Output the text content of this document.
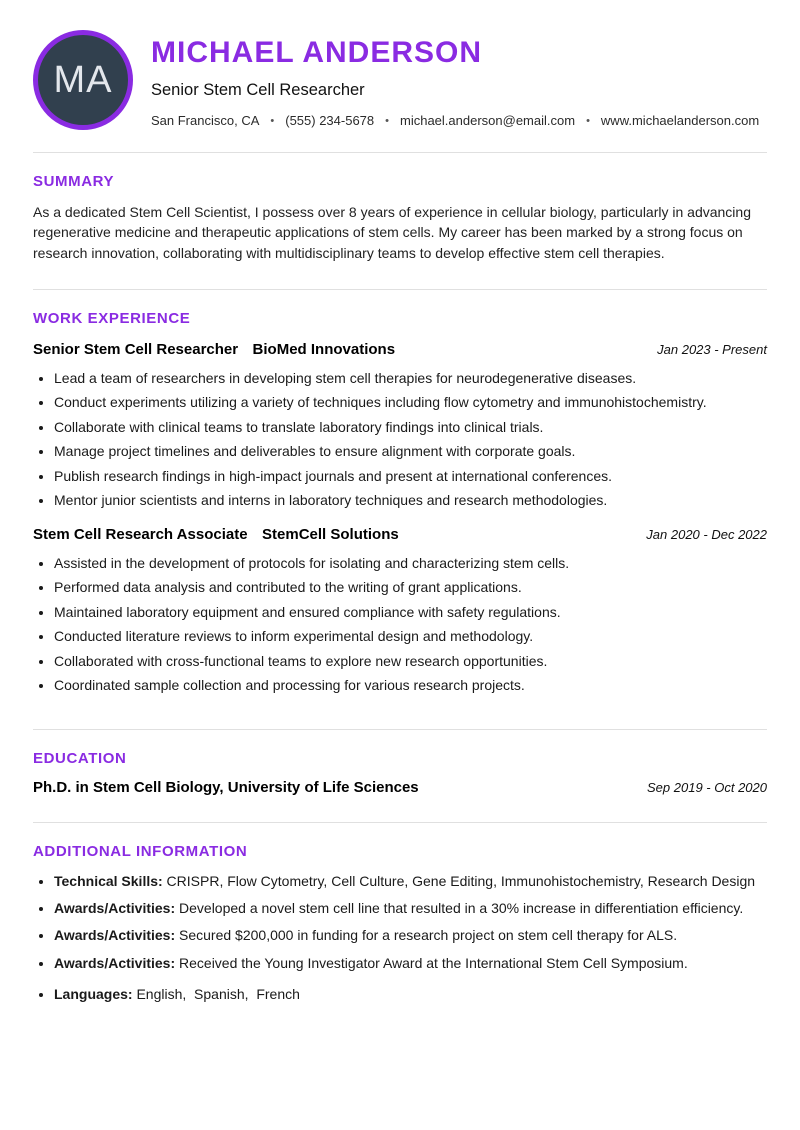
MA
MICHAEL ANDERSON
Senior Stem Cell Researcher
San Francisco, CA • (555) 234-5678 • michael.anderson@email.com • www.michaelanderson.com
SUMMARY

As a dedicated Stem Cell Scientist, I possess over 8 years of experience in cellular biology, particularly in advancing regenerative medicine and therapeutic applications of stem cells. My career has been marked by a strong focus on research innovation, collaborating with multidisciplinary teams to develop effective stem cell therapies.

WORK EXPERIENCE
Senior Stem Cell Researcher BioMed Innovations	Jan 2023 - Present
• Lead a team of researchers in developing stem cell therapies for neurodegenerative diseases.
• Conduct experiments utilizing a variety of techniques including flow cytometry and immunohistochemistry.
• Collaborate with clinical teams to translate laboratory findings into clinical trials.
• Manage project timelines and deliverables to ensure alignment with corporate goals.
• Publish research findings in high-impact journals and present at international conferences.
• Mentor junior scientists and interns in laboratory techniques and research methodologies.
Stem Cell Research Associate StemCell Solutions	Jan 2020 - Dec 2022
• Assisted in the development of protocols for isolating and characterizing stem cells.
• Performed data analysis and contributed to the writing of grant applications.
• Maintained laboratory equipment and ensured compliance with safety regulations.
• Conducted literature reviews to inform experimental design and methodology.
• Collaborated with cross-functional teams to explore new research opportunities.
• Coordinated sample collection and processing for various research projects.
EDUCATION
Ph.D. in Stem Cell Biology, University of Life Sciences	Sep 2019 - Oct 2020
ADDITIONAL INFORMATION
• Technical Skills: CRISPR, Flow Cytometry, Cell Culture, Gene Editing, Immunohistochemistry, Research Design
• Awards/Activities: Developed a novel stem cell line that resulted in a 30% increase in differentiation efficiency.
• Awards/Activities: Secured $200,000 in funding for a research project on stem cell therapy for ALS.
• Awards/Activities: Received the Young Investigator Award at the International Stem Cell Symposium.
• Languages: English,  Spanish,  French
